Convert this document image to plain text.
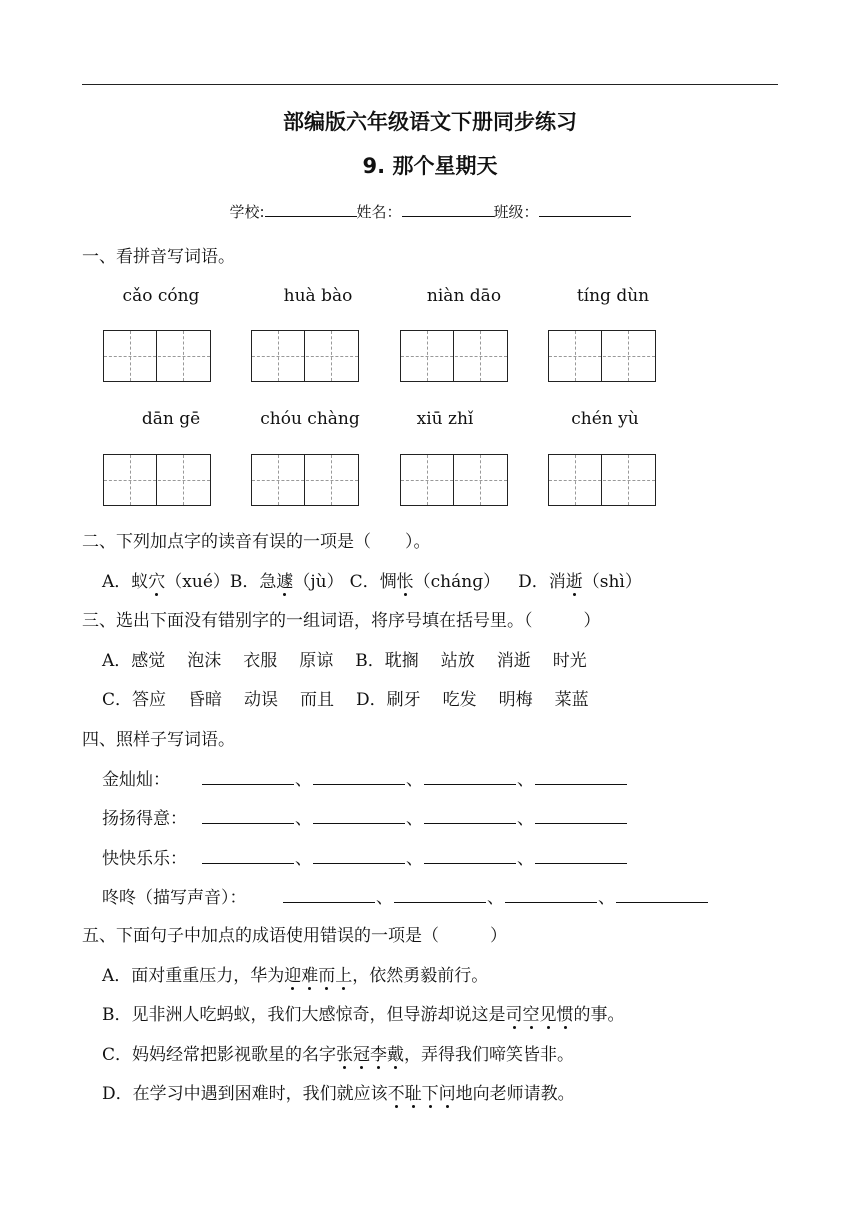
部编版六年级语文下册同步练习
9. 那个星期天
学校:	姓名：	班级：
一、看拼音写词语。
cǎo cóng	huà bào	niàn dāo	tíng dùn
dān gē	chóu chàng	xiū zhǐ	chén yù
二、下列加点字的读音有误的一项是（　　）。
A．蚁穴（xué）B．急遽（jù） C．惆怅（chánɡ） D．消逝（shì）
三、选出下面没有错别字的一组词语，将序号填在括号里。（　　　）
A．感觉 泡沫 衣服 原谅 B．耽搁 站放 消逝 时光
C．答应 昏暗 动误 而且 D．刷牙 吃发 明梅 菜蓝
四、照样子写词语。
金灿灿：	、	、	、
扬扬得意：	、	、	、
快快乐乐：	、	、	、
咚咚（描写声音）：	、	、	、
五、下面句子中加点的成语使用错误的一项是（　　　）
A．面对重重压力，华为迎难而上，依然勇毅前行。
B．见非洲人吃蚂蚁，我们大感惊奇，但导游却说这是司空见惯的事。
C．妈妈经常把影视歌星的名字张冠李戴，弄得我们啼笑皆非。
D．在学习中遇到困难时，我们就应该不耻下问地向老师请教。
